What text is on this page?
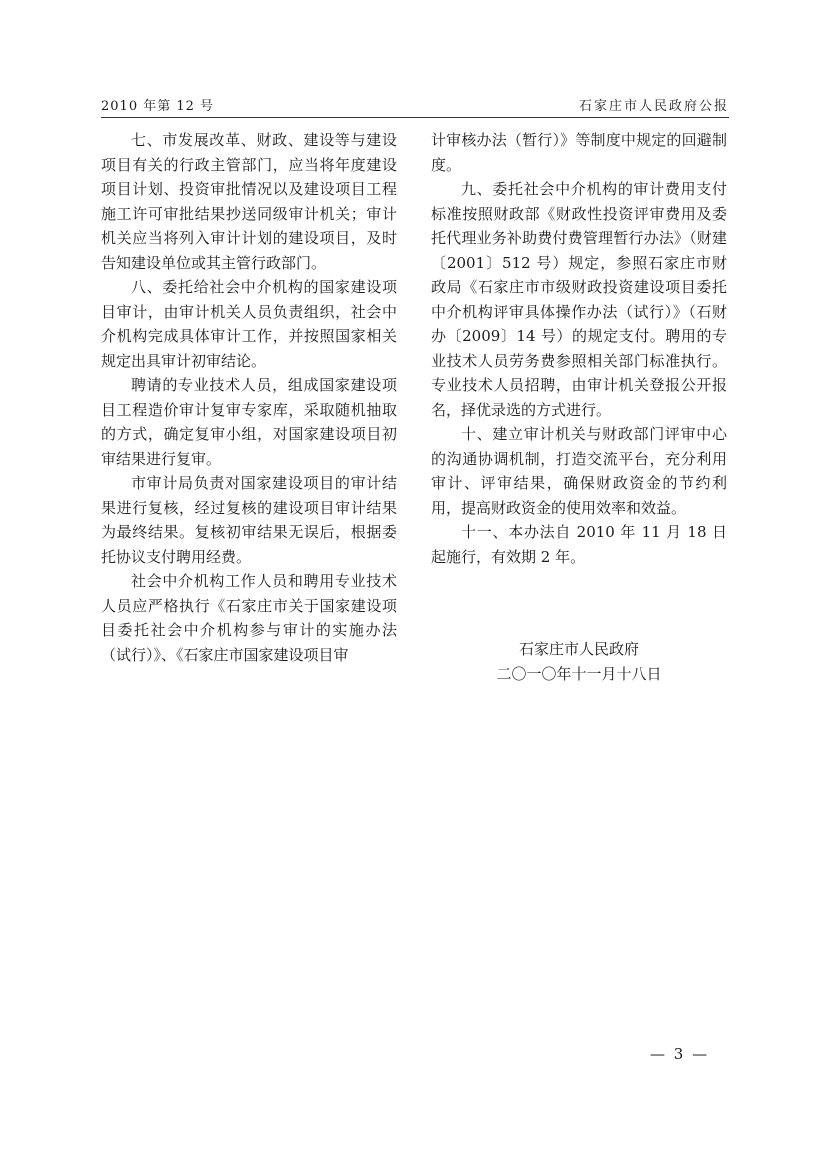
2010 年第 12 号	石家庄市人民政府公报

七、市发展改革、财政、建设等与建设项目有关的行政主管部门，应当将年度建设项目计划、投资审批情况以及建设项目工程施工许可审批结果抄送同级审计机关；审计机关应当将列入审计计划的建设项目，及时告知建设单位或其主管行政部门。

八、委托给社会中介机构的国家建设项目审计，由审计机关人员负责组织，社会中介机构完成具体审计工作，并按照国家相关规定出具审计初审结论。

聘请的专业技术人员，组成国家建设项目工程造价审计复审专家库，采取随机抽取的方式，确定复审小组，对国家建设项目初审结果进行复审。

市审计局负责对国家建设项目的审计结果进行复核，经过复核的建设项目审计结果为最终结果。复核初审结果无误后，根据委托协议支付聘用经费。

社会中介机构工作人员和聘用专业技术人员应严格执行《石家庄市关于国家建设项目委托社会中介机构参与审计的实施办法（试行）》、《石家庄市国家建设项目审

计审核办法（暂行）》等制度中规定的回避制度。

九、委托社会中介机构的审计费用支付标准按照财政部《财政性投资评审费用及委托代理业务补助费付费管理暂行办法》（财建〔2001〕512 号）规定，参照石家庄市财政局《石家庄市市级财政投资建设项目委托中介机构评审具体操作办法（试行）》（石财办〔2009〕14 号）的规定支付。聘用的专业技术人员劳务费参照相关部门标准执行。专业技术人员招聘，由审计机关登报公开报名，择优录选的方式进行。

十、建立审计机关与财政部门评审中心的沟通协调机制，打造交流平台，充分利用审计、评审结果，确保财政资金的节约利用，提高财政资金的使用效率和效益。

十一、本办法自 2010 年 11 月 18 日起施行，有效期 2 年。

石家庄市人民政府
二〇一〇年十一月十八日
— 3 —
